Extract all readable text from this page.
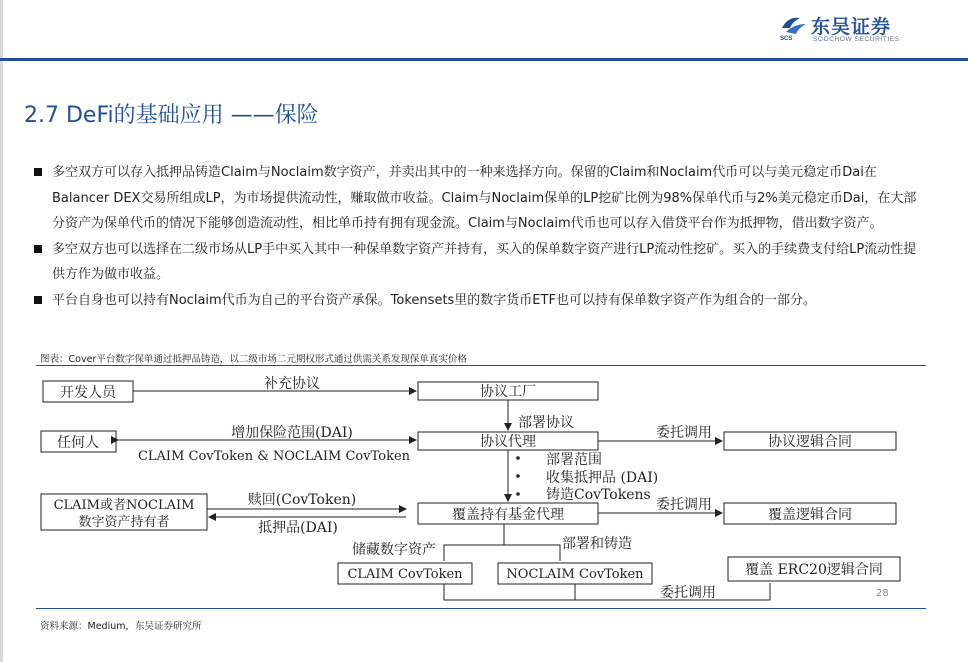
SCS
东吴证券
SOOCHOW SECURITIES
2.7 DeFi的基础应用 ——保险
多空双方可以存入抵押品铸造Claim与Noclaim数字资产，并卖出其中的一种来选择方向。保留的Claim和Noclaim代币可以与美元稳定币Dai在Balancer DEX交易所组成LP，为市场提供流动性，赚取做市收益。Claim与Noclaim保单的LP挖矿比例为98%保单代币与2%美元稳定币Dai，在大部分资产为保单代币的情况下能够创造流动性，相比单币持有拥有现金流。Claim与Noclaim代币也可以存入借贷平台作为抵押物，借出数字资产。
多空双方也可以选择在二级市场从LP手中买入其中一种保单数字资产并持有，买入的保单数字资产进行LP流动性挖矿。买入的手续费支付给LP流动性提供方作为做市收益。
平台自身也可以持有Noclaim代币为自己的平台资产承保。Tokensets里的数字货币ETF也可以持有保单数字资产作为组合的一部分。
图表：Cover平台数字保单通过抵押品铸造，以二级市场二元期权形式通过供需关系发现保单真实价格
开发人员	协议工厂
任何人	协议代理	协议逻辑合同
CLAIM或者NOCLAIM
数字资产持有者	覆盖持有基金代理	覆盖逻辑合同
CLAIM CovToken	NOCLAIM CovToken	覆盖 ERC20逻辑合同
补充协议
部署协议
增加保险范围(DAI)
CLAIM CovToken & NOCLAIM CovToken
委托调用
部署范围
收集抵押品 (DAI)
铸造CovTokens
赎回(CovToken)
抵押品(DAI)
委托调用
储藏数字资产	部署和铸造
委托调用	28
资料来源：Medium，东吴证券研究所
